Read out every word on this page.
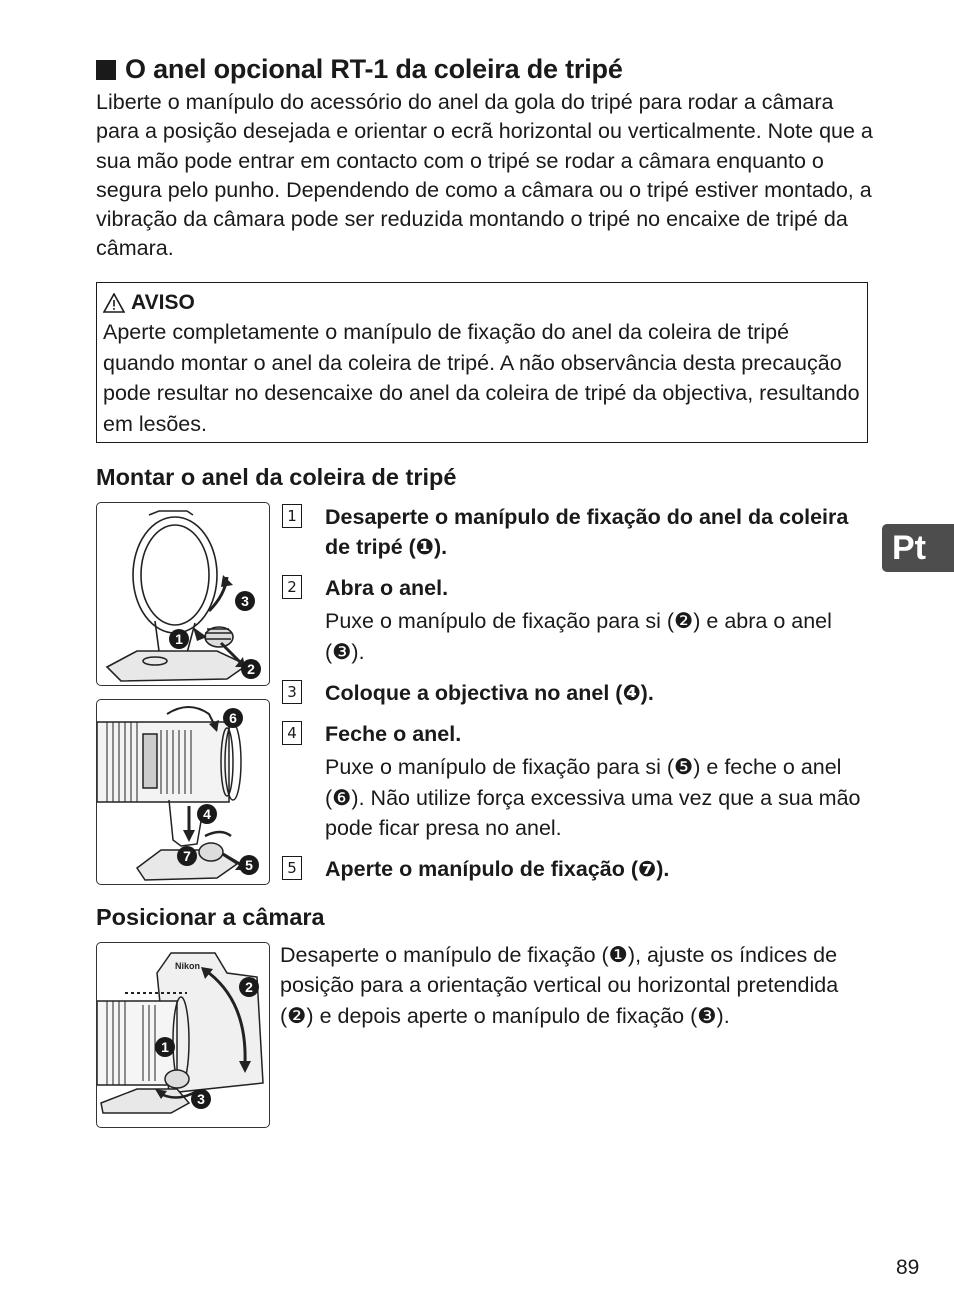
O anel opcional RT-1 da coleira de tripé

Liberte o manípulo do acessório do anel da gola do tripé para rodar a câmara para a posição desejada e orientar o ecrã horizontal ou verticalmente. Note que a sua mão pode entrar em contacto com o tripé se rodar a câmara enquanto o segura pelo punho. Dependendo de como a câmara ou o tripé estiver montado, a vibração da câmara pode ser reduzida montando o tripé no encaixe de tripé da câmara.

AVISO

Aperte completamente o manípulo de fixação do anel da coleira de tripé quando montar o anel da coleira de tripé. A não observância desta precaução pode resultar no desencaixe do anel da coleira de tripé da objectiva, resultando em lesões.

Montar o anel da coleira de tripé
1
2
3
6
4
7
5
1 Desaperte o manípulo de fixação do anel da coleira de tripé (❶).
2 Abra o anel.
Puxe o manípulo de fixação para si (❷) e abra o anel (❸).
3 Coloque a objectiva no anel (❹).
4 Feche o anel.
Puxe o manípulo de fixação para si (❺) e feche o anel (❻). Não utilize força excessiva uma vez que a sua mão pode ficar presa no anel.
5 Aperte o manípulo de fixação (❼).
Posicionar a câmara
Nikon
2
1
3

Desaperte o manípulo de fixação (❶), ajuste os índices de posição para a orientação vertical ou horizontal pretendida (❷) e depois aperte o manípulo de fixação (❸).

Pt
89
